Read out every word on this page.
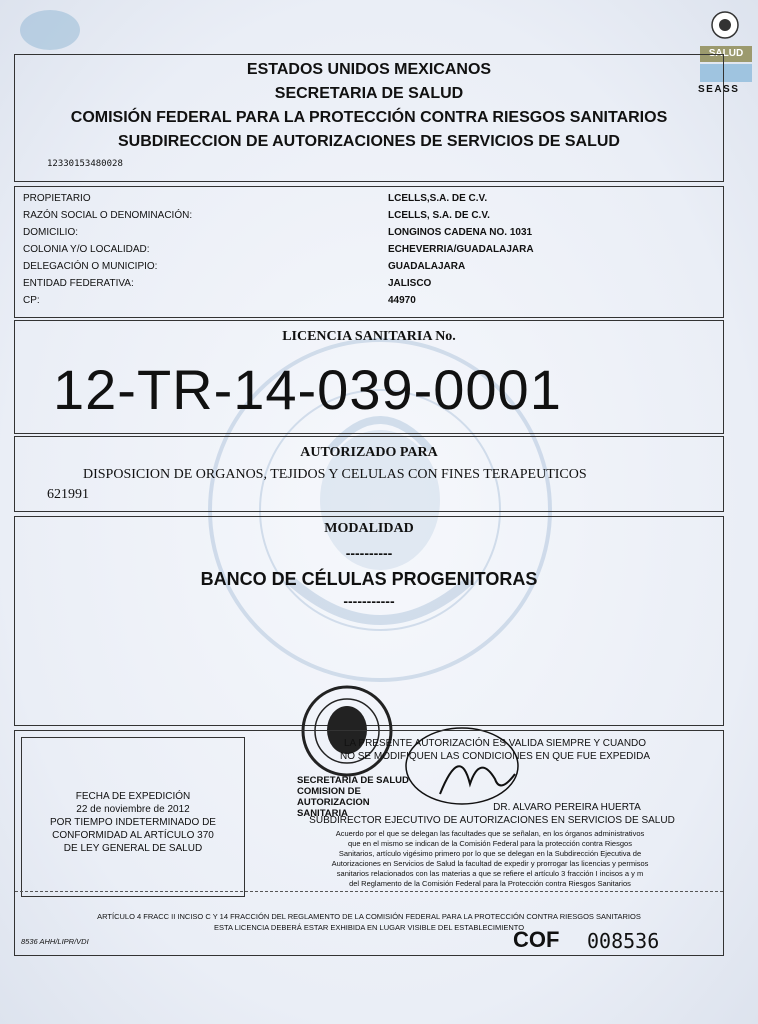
SALUD
SEASS
ESTADOS UNIDOS MEXICANOS
SECRETARIA DE SALUD
COMISIÓN FEDERAL PARA LA PROTECCIÓN CONTRA RIESGOS SANITARIOS
SUBDIRECCION DE AUTORIZACIONES DE SERVICIOS DE SALUD
12330153480028
PROPIETARIO	LCELLS,S.A. DE C.V.
RAZÓN SOCIAL O DENOMINACIÓN:	LCELLS, S.A. DE C.V.
DOMICILIO:	LONGINOS CADENA NO. 1031
COLONIA Y/O LOCALIDAD:	ECHEVERRIA/GUADALAJARA
DELEGACIÓN O MUNICIPIO:	GUADALAJARA
ENTIDAD FEDERATIVA:	JALISCO
CP:	44970
LICENCIA SANITARIA No.
12-TR-14-039-0001
AUTORIZADO PARA
DISPOSICION DE ORGANOS, TEJIDOS Y CELULAS CON FINES TERAPEUTICOS
621991
MODALIDAD
----------
BANCO DE CÉLULAS PROGENITORAS
-----------
FECHA DE EXPEDICIÓN
22 de noviembre de 2012
POR TIEMPO INDETERMINADO DE
CONFORMIDAD AL ARTÍCULO 370
DE LEY GENERAL DE SALUD
LA PRESENTE AUTORIZACIÓN ES VALIDA SIEMPRE Y CUANDO
NO SE MODIFIQUEN LAS CONDICIONES EN QUE FUE EXPEDIDA
SECRETARIA DE SALUD
COMISION DE
AUTORIZACION
SANITARIA
DR. ALVARO PEREIRA HUERTA
SUBDIRECTOR EJECUTIVO DE AUTORIZACIONES EN SERVICIOS DE SALUD
Acuerdo por el que se delegan las facultades que se señalan, en los órganos administrativos
que en el mismo se indican de la Comisión Federal para la protección contra Riesgos
Sanitarios, artículo vigésimo primero por lo que se delegan en la Subdirección Ejecutiva de
Autorizaciones en Servicios de Salud la facultad de expedir y prorrogar las licencias y permisos
sanitarios relacionados con las materias a que se refiere el artículo 3 fracción I incisos a y m
del Reglamento de la Comisión Federal para la Protección contra Riesgos Sanitarios
ARTÍCULO 4 FRACC II INCISO C Y 14 FRACCIÓN DEL REGLAMENTO DE LA COMISIÓN FEDERAL PARA LA PROTECCIÓN CONTRA RIESGOS SANITARIOS
ESTA LICENCIA DEBERÁ ESTAR EXHIBIDA EN LUGAR VISIBLE DEL ESTABLECIMIENTO
8536 AHH/LIPR/VDI	COF 008536
